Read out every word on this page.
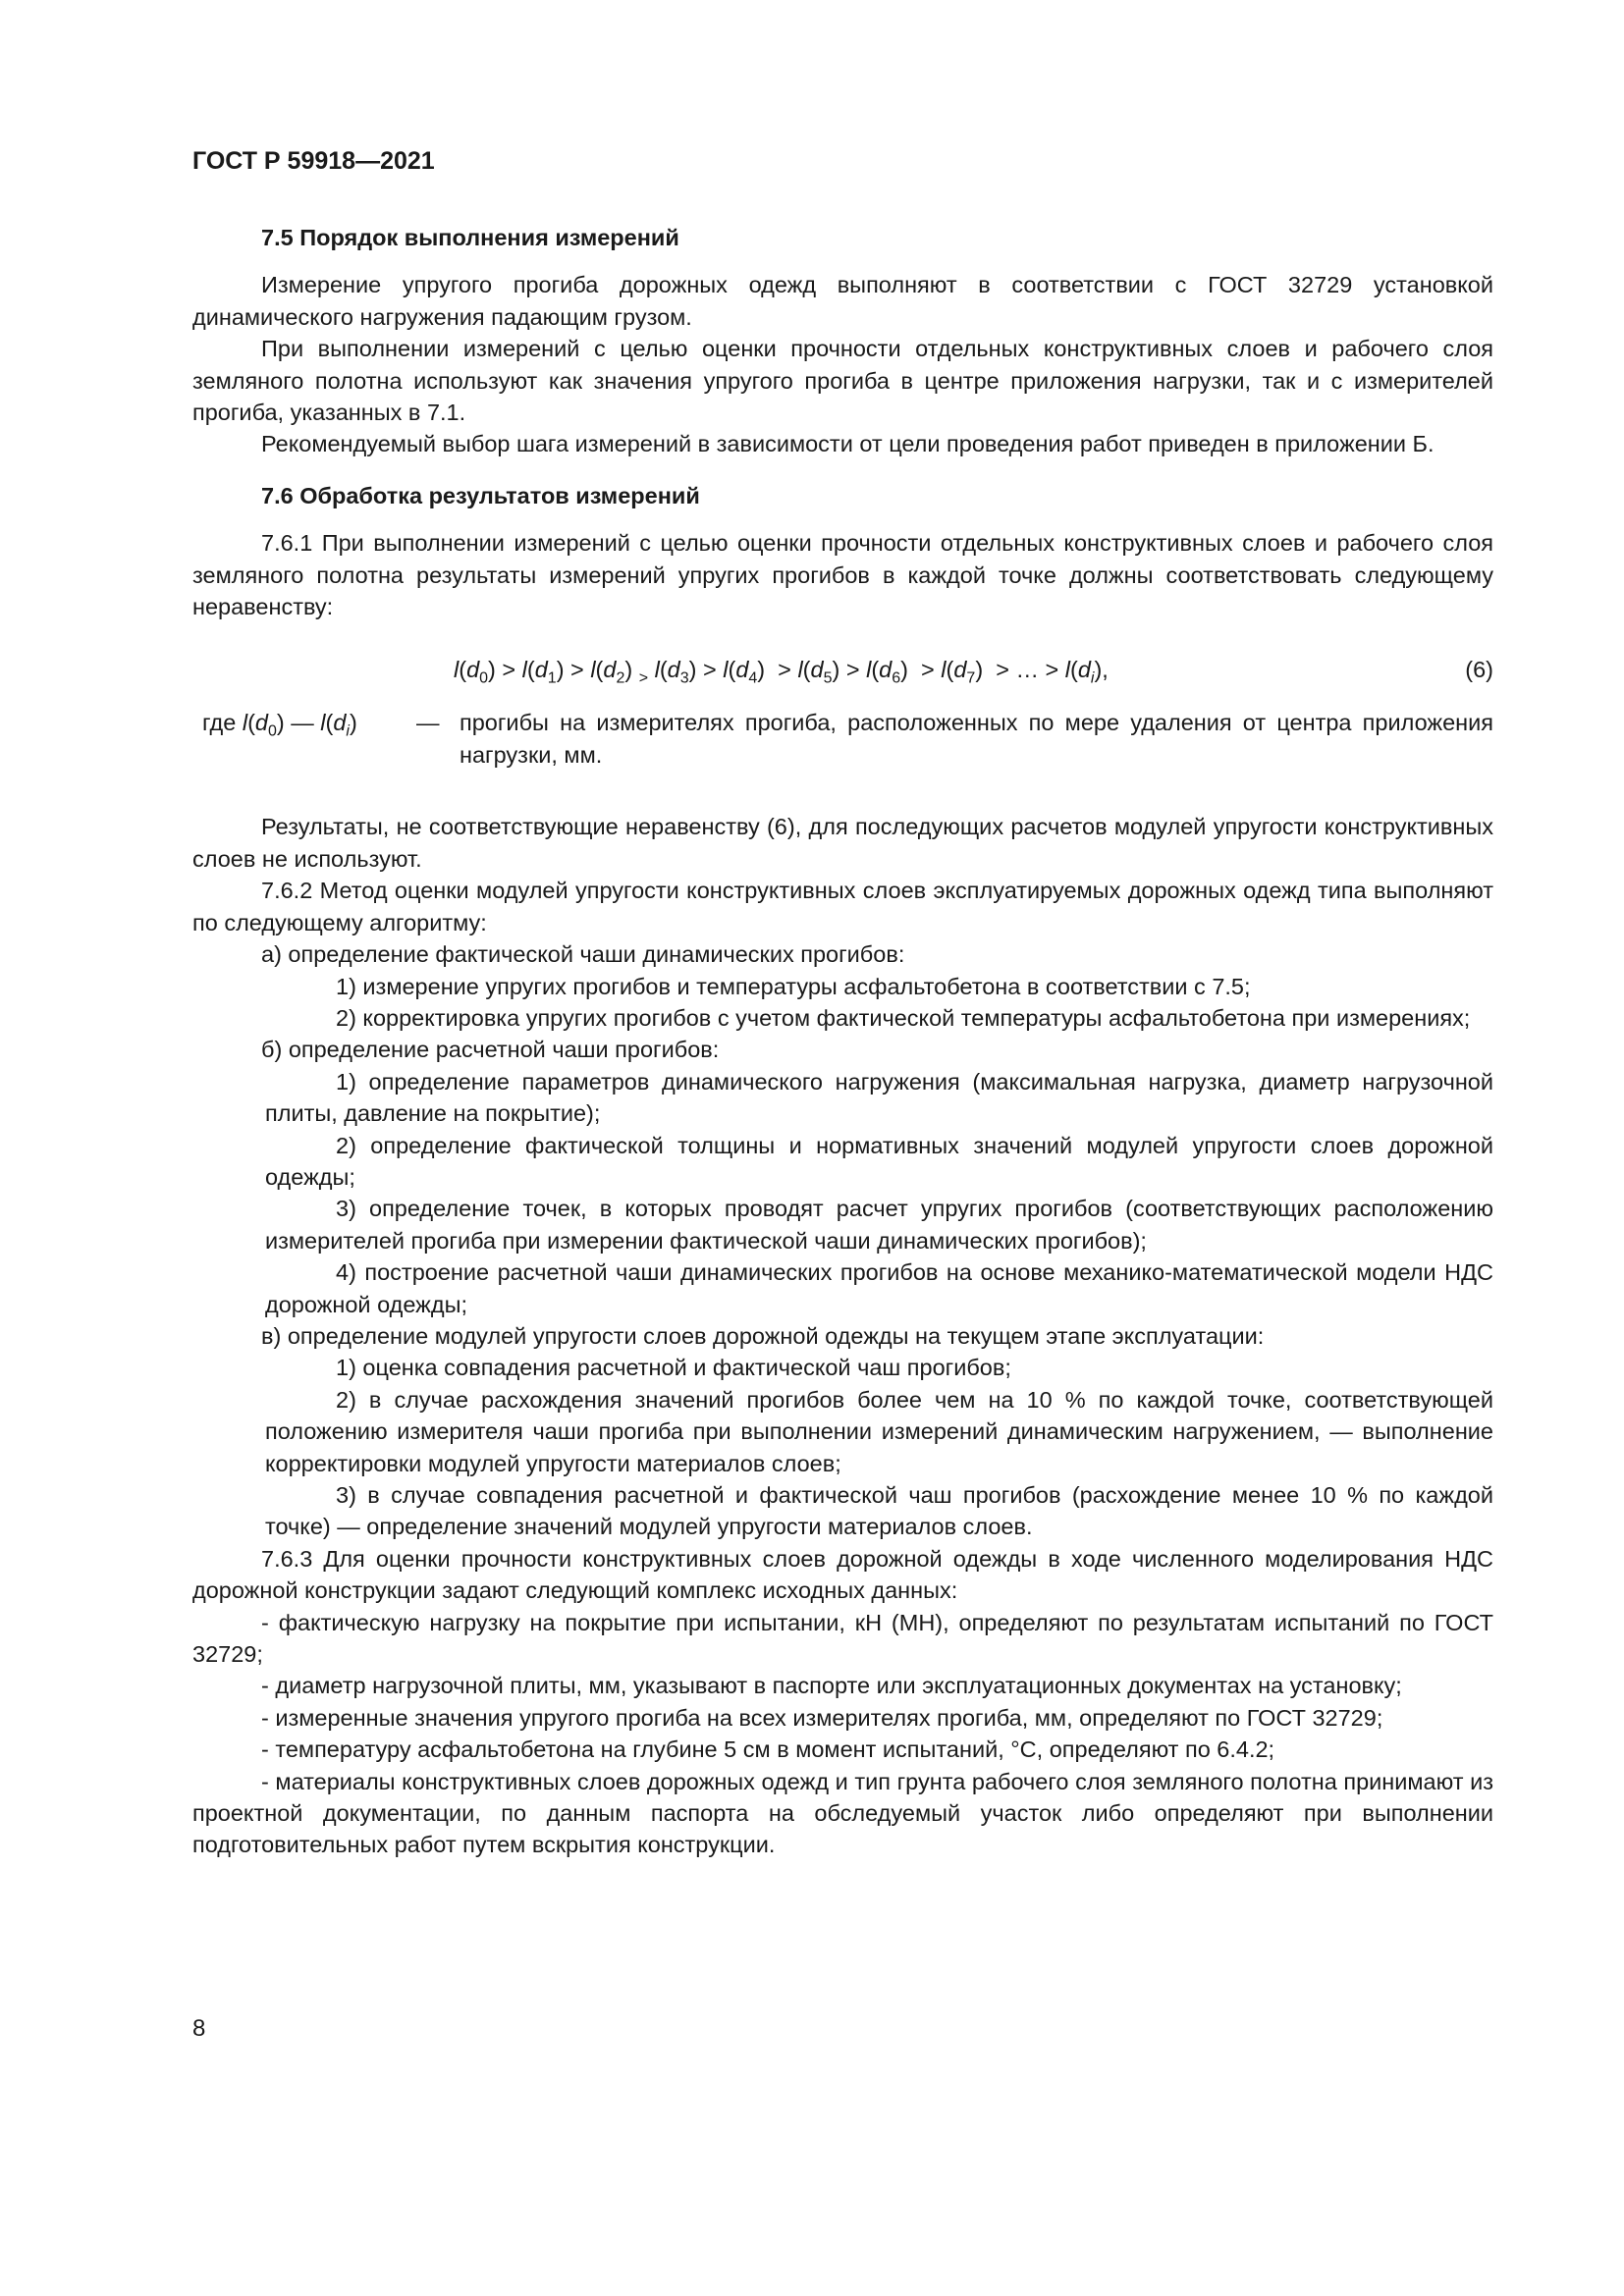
ГОСТ Р 59918—2021

7.5 Порядок выполнения измерений

Измерение упругого прогиба дорожных одежд выполняют в соответствии с ГОСТ 32729 установкой динамического нагружения падающим грузом.

При выполнении измерений с целью оценки прочности отдельных конструктивных слоев и рабочего слоя земляного полотна используют как значения упругого прогиба в центре приложения нагрузки, так и с измерителей прогиба, указанных в 7.1.

Рекомендуемый выбор шага измерений в зависимости от цели проведения работ приведен в приложении Б.

7.6 Обработка результатов измерений

7.6.1 При выполнении измерений с целью оценки прочности отдельных конструктивных слоев и рабочего слоя земляного полотна результаты измерений упругих прогибов в каждой точке должны соответствовать следующему неравенству:

$l(d_0) > l(d_1) > l(d_2)$ $_>$ $l(d_3) > l(d_4) > l(d_5) > l(d_6) > l(d_7)$  > … > $l(d_i)$,	(6)
где $l(d_0)$ — $l(d_i)$	— прогибы на измерителях прогиба, расположенных по мере удаления от центра приложения нагрузки, мм.

Результаты, не соответствующие неравенству (6), для последующих расчетов модулей упругости конструктивных слоев не используют.

7.6.2 Метод оценки модулей упругости конструктивных слоев эксплуатируемых дорожных одежд типа выполняют по следующему алгоритму:

а) определение фактической чаши динамических прогибов:

1) измерение упругих прогибов и температуры асфальтобетона в соответствии с 7.5;

2) корректировка упругих прогибов с учетом фактической температуры асфальтобетона при измерениях;

б) определение расчетной чаши прогибов:

1) определение параметров динамического нагружения (максимальная нагрузка, диаметр нагрузочной плиты, давление на покрытие);

2) определение фактической толщины и нормативных значений модулей упругости слоев дорожной одежды;

3) определение точек, в которых проводят расчет упругих прогибов (соответствующих расположению измерителей прогиба при измерении фактической чаши динамических прогибов);

4) построение расчетной чаши динамических прогибов на основе механико-математической модели НДС дорожной одежды;

в) определение модулей упругости слоев дорожной одежды на текущем этапе эксплуатации:

1) оценка совпадения расчетной и фактической чаш прогибов;

2) в случае расхождения значений прогибов более чем на 10 % по каждой точке, соответствующей положению измерителя чаши прогиба при выполнении измерений динамическим нагружением, — выполнение корректировки модулей упругости материалов слоев;

3) в случае совпадения расчетной и фактической чаш прогибов (расхождение менее 10 % по каждой точке) — определение значений модулей упругости материалов слоев.

7.6.3 Для оценки прочности конструктивных слоев дорожной одежды в ходе численного моделирования НДС дорожной конструкции задают следующий комплекс исходных данных:

- фактическую нагрузку на покрытие при испытании, кН (МН), определяют по результатам испытаний по ГОСТ 32729;

- диаметр нагрузочной плиты, мм, указывают в паспорте или эксплуатационных документах на установку;

- измеренные значения упругого прогиба на всех измерителях прогиба, мм, определяют по ГОСТ 32729;

- температуру асфальтобетона на глубине 5 см в момент испытаний, °С, определяют по 6.4.2;

- материалы конструктивных слоев дорожных одежд и тип грунта рабочего слоя земляного полотна принимают из проектной документации, по данным паспорта на обследуемый участок либо определяют при выполнении подготовительных работ путем вскрытия конструкции.

8
